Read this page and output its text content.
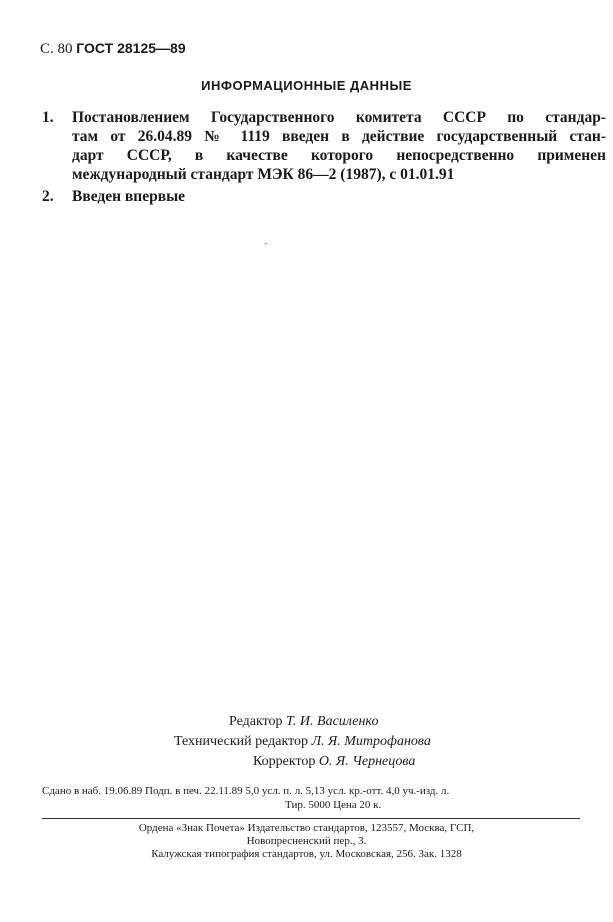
С. 80 ГОСТ 28125—89
ИНФОРМАЦИОННЫЕ ДАННЫЕ
1. Постановлением Государственного комитета СССР по стандар-
там от 26.04.89 № 1119 введен в действие государственный стан-
дарт СССР, в качестве которого непосредственно применен
международный стандарт МЭК 86—2 (1987), с 01.01.91
2. Введен впервые
Редактор Т. И. Василенко
Технический редактор Л. Я. Митрофанова
Корректор О. Я. Чернецова
Сдано в наб. 19.06.89 Подп. в печ. 22.11.89 5,0 усл. п. л. 5,13 усл. кр.-отт. 4,0 уч.-изд. л.
Тир. 5000 Цена 20 к.
Ордена «Знак Почета» Издательство стандартов, 123557, Москва, ГСП,
Новопресненский пер., 3.
Калужская типография стандартов, ул. Московская, 256. Зак. 1328
